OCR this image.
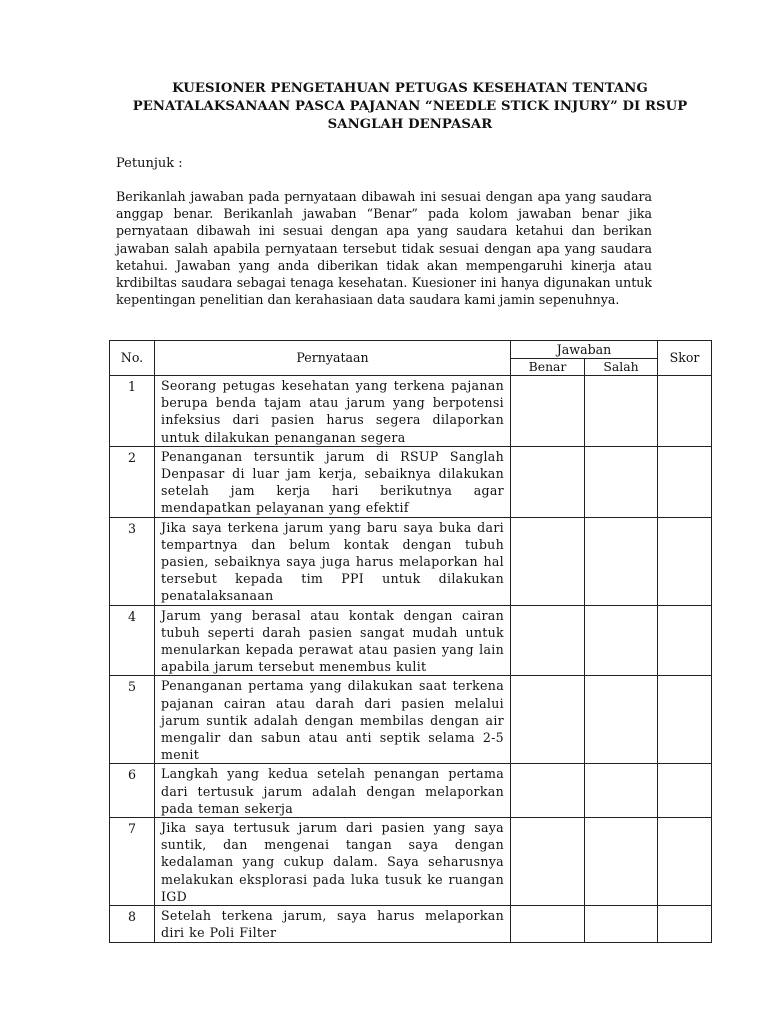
KUESIONER PENGETAHUAN PETUGAS KESEHATAN TENTANG
PENATALAKSANAAN PASCA PAJANAN “NEEDLE STICK INJURY” DI RSUP
SANGLAH DENPASAR
Petunjuk :
Berikanlah jawaban pada pernyataan dibawah ini sesuai dengan apa yang saudara anggap benar. Berikanlah jawaban “Benar” pada kolom jawaban benar jika pernyataan dibawah ini sesuai dengan apa yang saudara ketahui dan berikan jawaban salah apabila pernyataan tersebut tidak sesuai dengan apa yang saudara ketahui. Jawaban yang anda diberikan tidak akan mempengaruhi kinerja atau krdibiltas saudara sebagai tenaga kesehatan. Kuesioner ini hanya digunakan untuk kepentingan penelitian dan kerahasiaan data saudara kami jamin sepenuhnya.
No.	Pernyataan	Jawaban		Skor
		Benar	Salah	
1	Seorang petugas kesehatan yang terkena pajanan berupa benda tajam atau jarum yang berpotensi infeksius dari pasien harus segera dilaporkan untuk dilakukan penanganan segera			
2	Penanganan tersuntik jarum di RSUP Sanglah Denpasar di luar jam kerja, sebaiknya dilakukan setelah jam kerja hari berikutnya agar mendapatkan pelayanan yang efektif			
3	Jika saya terkena jarum yang baru saya buka dari tempartnya dan belum kontak dengan tubuh pasien, sebaiknya saya juga harus melaporkan hal tersebut kepada tim PPI untuk dilakukan penatalaksanaan			
4	Jarum yang berasal atau kontak dengan cairan tubuh seperti darah pasien sangat mudah untuk menularkan kepada perawat atau pasien yang lain apabila jarum tersebut menembus kulit			
5	Penanganan pertama yang dilakukan saat terkena pajanan cairan atau darah dari pasien melalui jarum suntik adalah dengan membilas dengan air mengalir dan sabun atau anti septik selama 2-5 menit			
6	Langkah yang kedua setelah penangan pertama dari tertusuk jarum adalah dengan melaporkan pada teman sekerja			
7	Jika saya tertusuk jarum dari pasien yang saya suntik, dan mengenai tangan saya dengan kedalaman yang cukup dalam. Saya seharusnya melakukan eksplorasi pada luka tusuk ke ruangan IGD			
8	Setelah terkena jarum, saya harus melaporkan diri ke Poli Filter			
